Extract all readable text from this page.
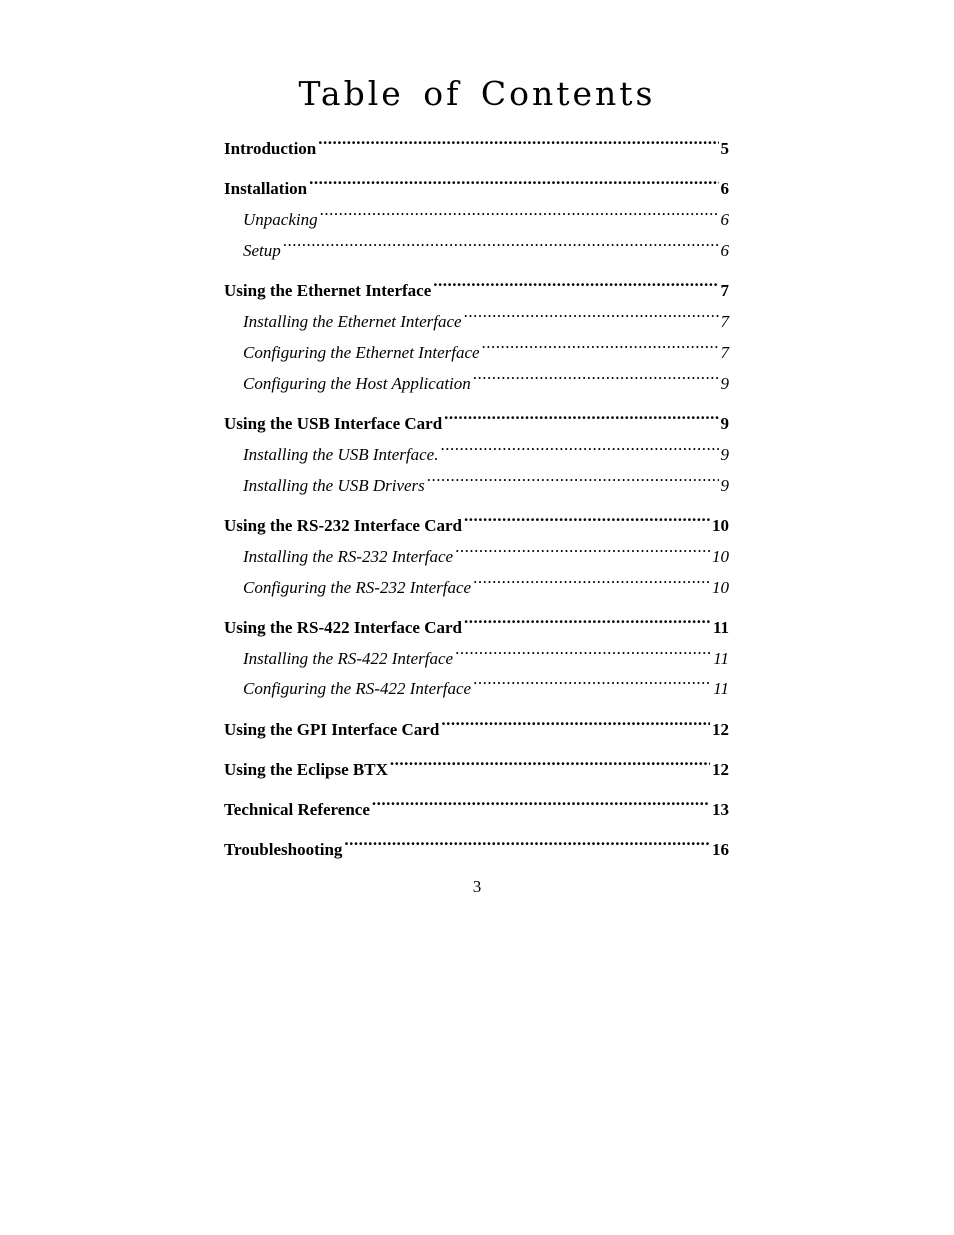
Table of Contents
Introduction .....	5
Installation .....	6
Unpacking .....	6
Setup .....	6
Using the Ethernet Interface .....	7
Installing the Ethernet Interface .....	7
Configuring the Ethernet Interface .....	7
Configuring the Host Application .....	9
Using the USB Interface Card .....	9
Installing the USB Interface. .....	9
Installing the USB Drivers .....	9
Using the RS-232 Interface Card .....	10
Installing the RS-232 Interface .....	10
Configuring the RS-232 Interface .....	10
Using the RS-422 Interface Card .....	11
Installing the RS-422 Interface .....	11
Configuring the RS-422 Interface .....	11
Using the GPI Interface Card .....	12
Using the Eclipse BTX .....	12
Technical Reference .....	13
Troubleshooting .....	16
3
